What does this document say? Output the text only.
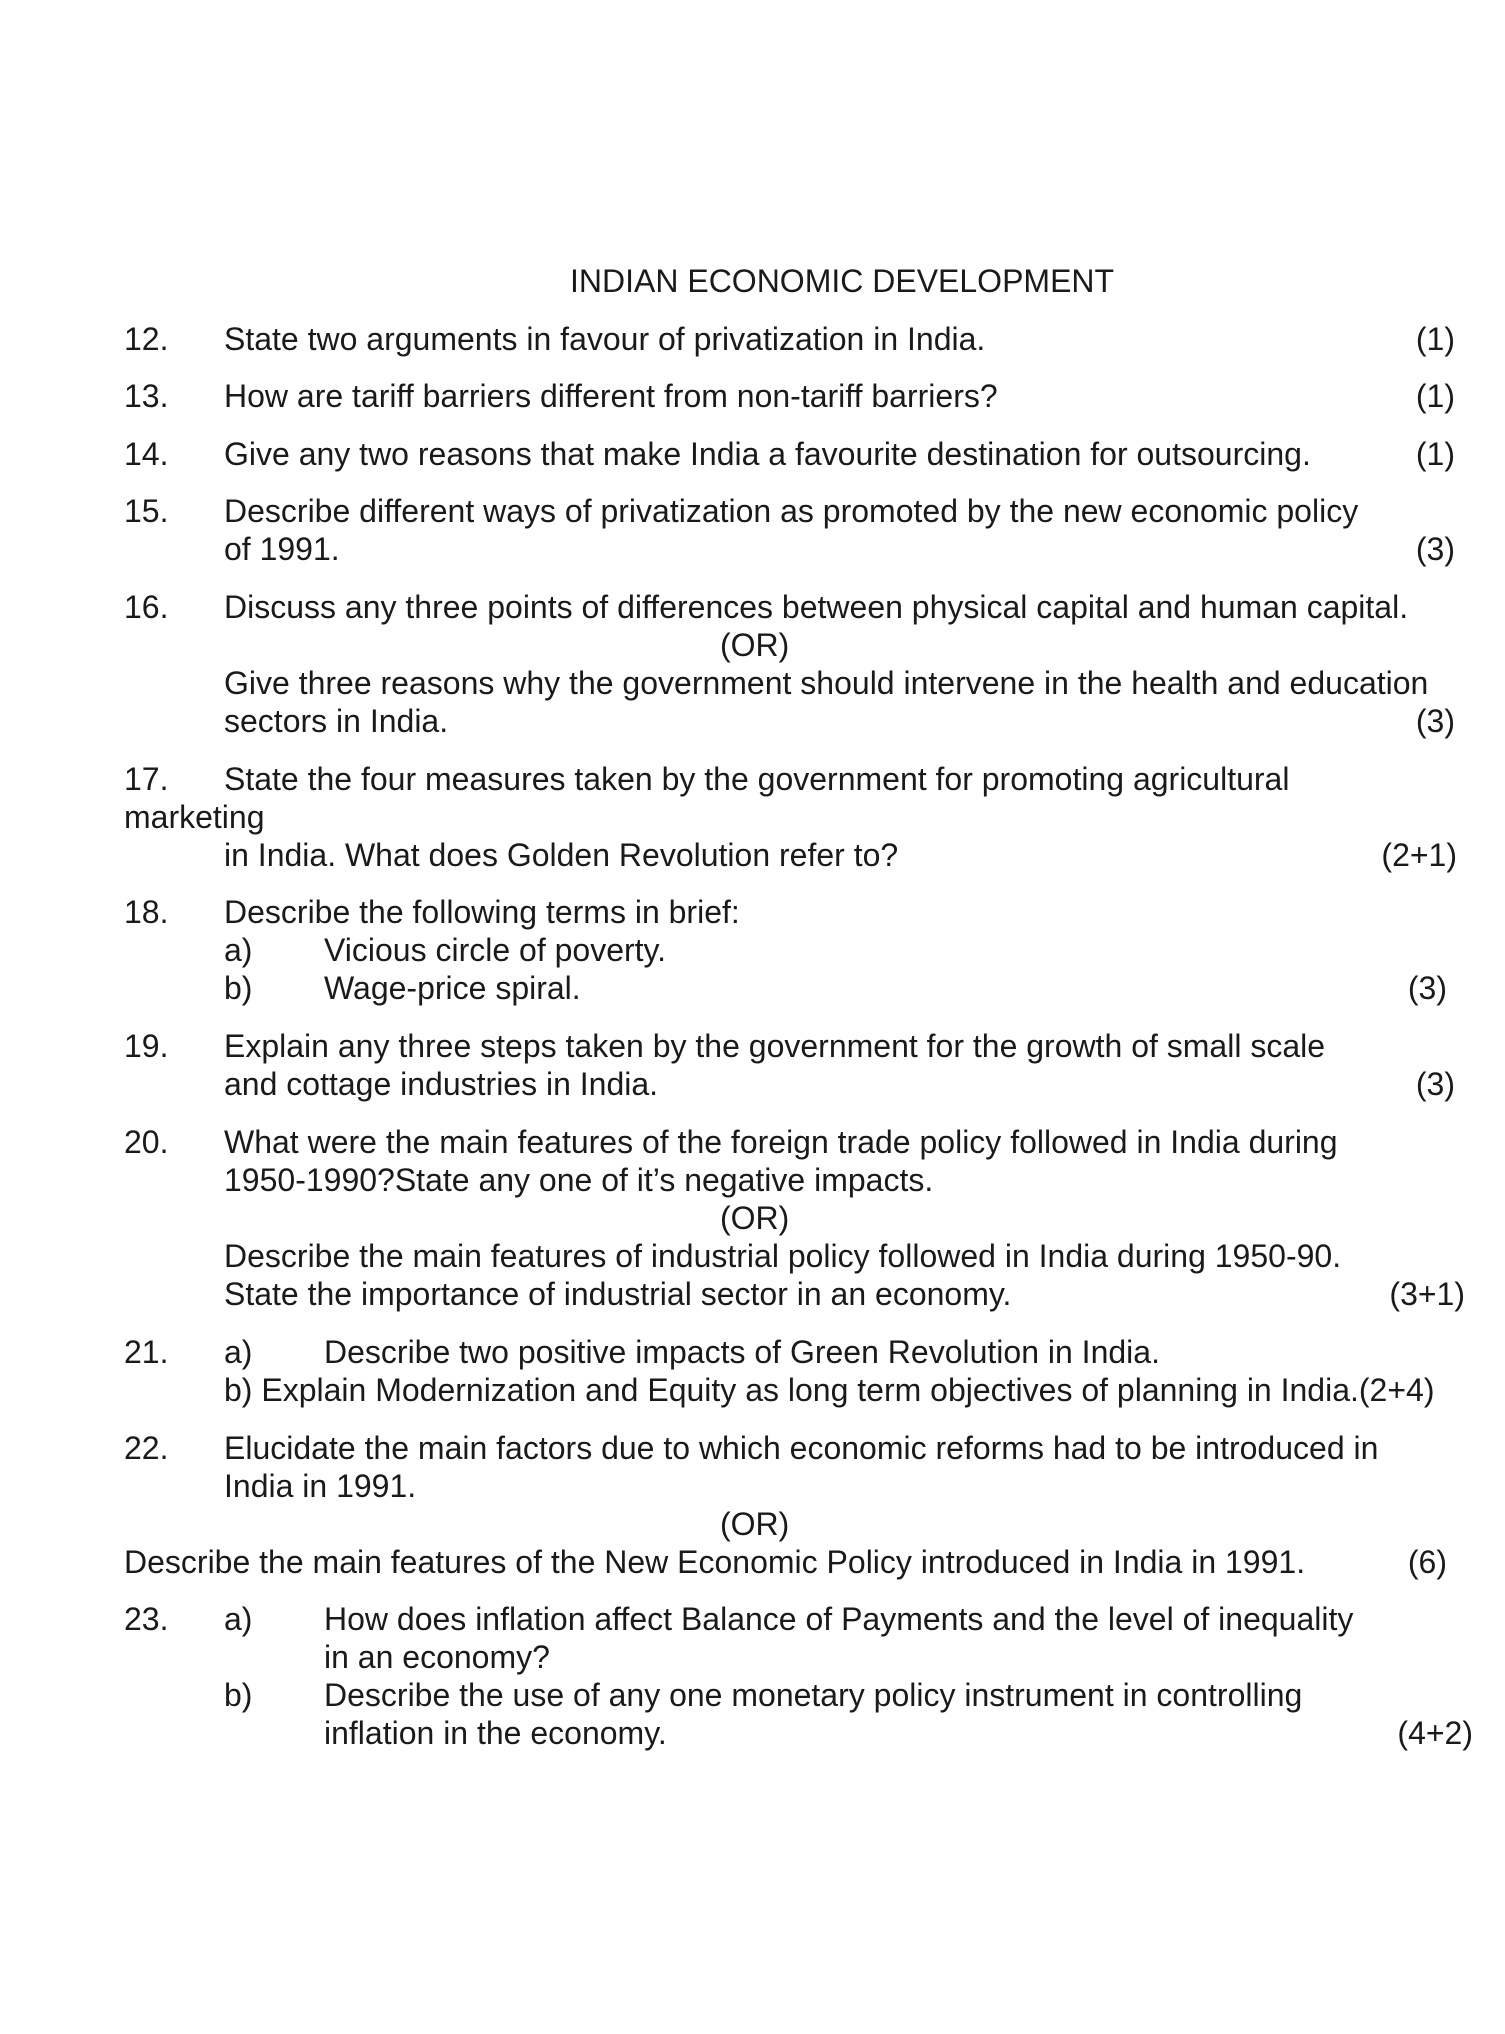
INDIAN ECONOMIC DEVELOPMENT
12. State two arguments in favour of privatization in India.	(1)
13. How are tariff barriers different from non-tariff barriers?	(1)
14. Give any two reasons that make India a favourite destination for outsourcing.	(1)
15. Describe different ways of privatization as promoted by the new economic policy
of 1991.	(3)
16. Discuss any three points of differences between physical capital and human capital.
(OR)
Give three reasons why the government should intervene in the health and education
sectors in India.	(3)
17. State the four measures taken by the government for promoting agricultural
marketing
in India. What does Golden Revolution refer to?	(2+1)
18. Describe the following terms in brief:
a) Vicious circle of poverty.
b) Wage-price spiral.	(3)
19. Explain any three steps taken by the government for the growth of small scale
and cottage industries in India.	(3)
20. What were the main features of the foreign trade policy followed in India during
1950-1990?State any one of it’s negative impacts.
(OR)
Describe the main features of industrial policy followed in India during 1950-90.
State the importance of industrial sector in an economy.	(3+1)
21. a) Describe two positive impacts of Green Revolution in India.
b) Explain Modernization and Equity as long term objectives of planning in India.(2+4)
22. Elucidate the main factors due to which economic reforms had to be introduced in
India in 1991.
(OR)
Describe the main features of the New Economic Policy introduced in India in 1991.	(6)
23. a) How does inflation affect Balance of Payments and the level of inequality
in an economy?
b) Describe the use of any one monetary policy instrument in controlling
inflation in the economy.	(4+2)
